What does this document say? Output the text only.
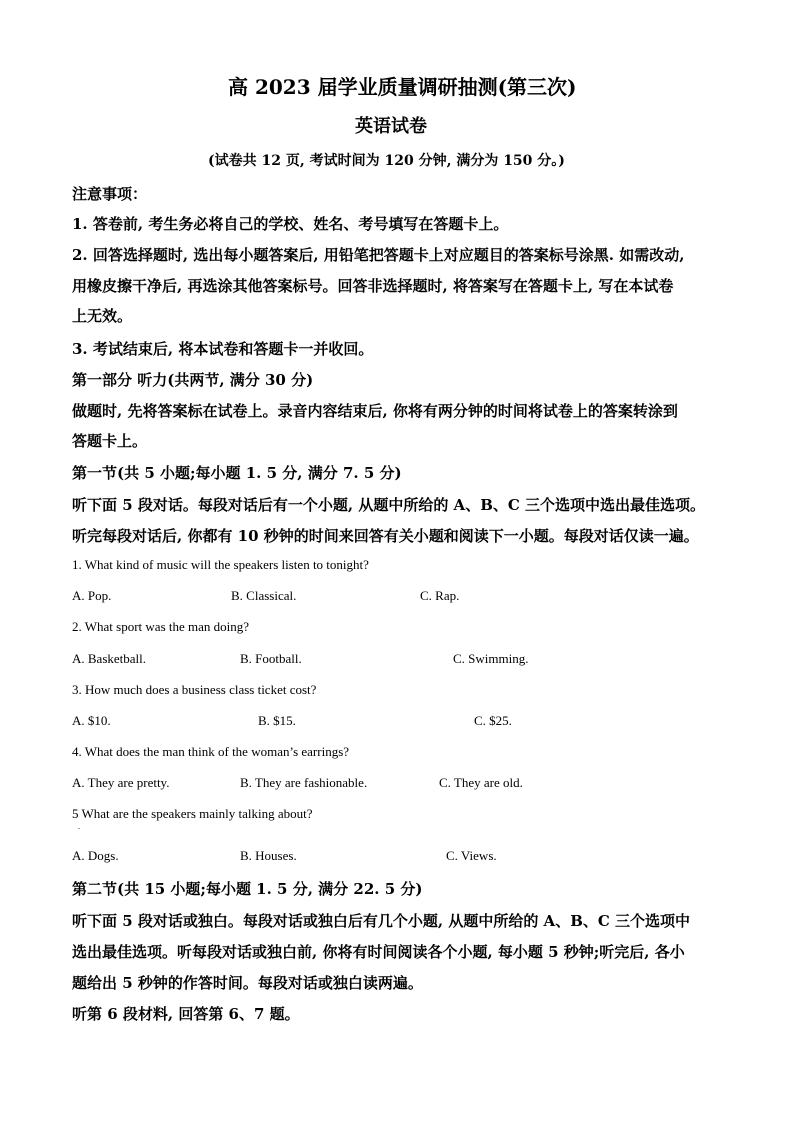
高 2023 届学业质量调研抽测(第三次)
英语试卷
(试卷共 12 页, 考试时间为 120 分钟, 满分为 150 分。)
注意事项：
1. 答卷前, 考生务必将自己的学校、姓名、考号填写在答题卡上。
2. 回答选择题时, 选出每小题答案后, 用铅笔把答题卡上对应题目的答案标号涂黑. 如需改动,
用橡皮擦干净后, 再选涂其他答案标号。回答非选择题时, 将答案写在答题卡上, 写在本试卷
上无效。
3. 考试结束后, 将本试卷和答题卡一并收回。
第一部分 听力(共两节, 满分 30 分)
做题时, 先将答案标在试卷上。录音内容结束后, 你将有两分钟的时间将试卷上的答案转涂到
答题卡上。
第一节(共 5 小题;每小题 1. 5 分, 满分 7. 5 分)
听下面 5 段对话。每段对话后有一个小题, 从题中所给的 A、B、C 三个选项中选出最佳选项。
听完每段对话后, 你都有 10 秒钟的时间来回答有关小题和阅读下一小题。每段对话仅读一遍。
1. What kind of music will the speakers listen to tonight?
A. Pop.	B. Classical.	C. Rap.
2. What sport was the man doing?
A. Basketball.	B. Football.	C. Swimming.
3. How much does a business class ticket cost?
A. $10.	B. $15.	C. $25.
4. What does the man think of the woman’s earrings?
A. They are pretty.	B. They are fashionable.	C. They are old.
5 What are the speakers mainly talking about?
.
A. Dogs.	B. Houses.	C. Views.
第二节(共 15 小题;每小题 1. 5 分, 满分 22. 5 分)
听下面 5 段对话或独白。每段对话或独白后有几个小题, 从题中所给的 A、B、C 三个选项中
选出最佳选项。听每段对话或独白前, 你将有时间阅读各个小题, 每小题 5 秒钟;听完后, 各小
题给出 5 秒钟的作答时间。每段对话或独白读两遍。
听第 6 段材料, 回答第 6、7 题。
